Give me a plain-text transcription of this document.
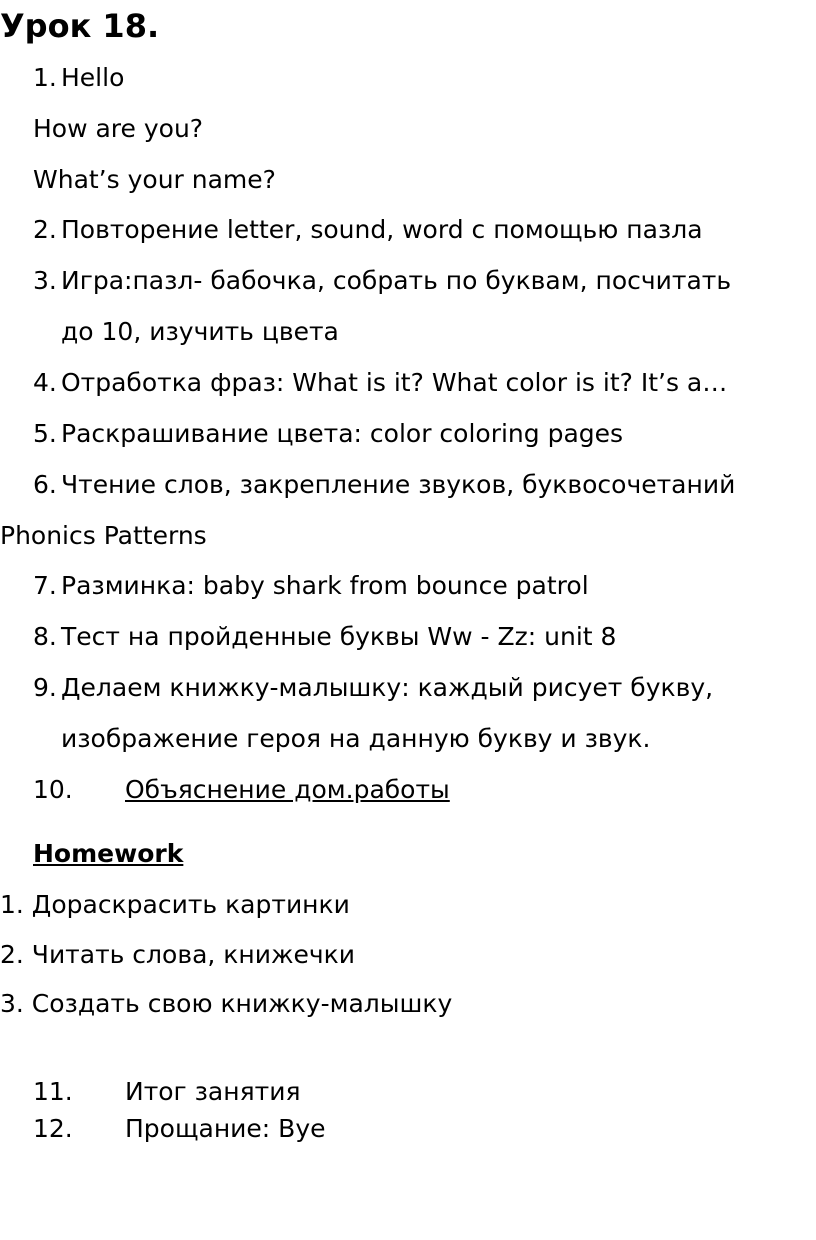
Урок 18.
1. Hello
How are you?
What’s your name?
2. Повторение letter, sound, word с помощью пазла
3. Игра:пазл- бабочка, собрать по буквам, посчитать
до 10, изучить цвета
4. Отработка фраз: What is it? What color is it? It’s a…
5. Раскрашивание цвета: color coloring pages
6. Чтение слов, закрепление звуков, буквосочетаний
Phonics Patterns
7. Разминка: baby shark from bounce patrol
8. Тест на пройденные буквы Ww - Zz: unit 8
9. Делаем книжку-малышку: каждый рисует букву,
изображение героя на данную букву и звук.
10. Объяснение дом.работы
Homework
1. Дораскрасить картинки
2. Читать слова, книжечки
3. Создать свою книжку-малышку
11. Итог занятия
12. Прощание: Bye
